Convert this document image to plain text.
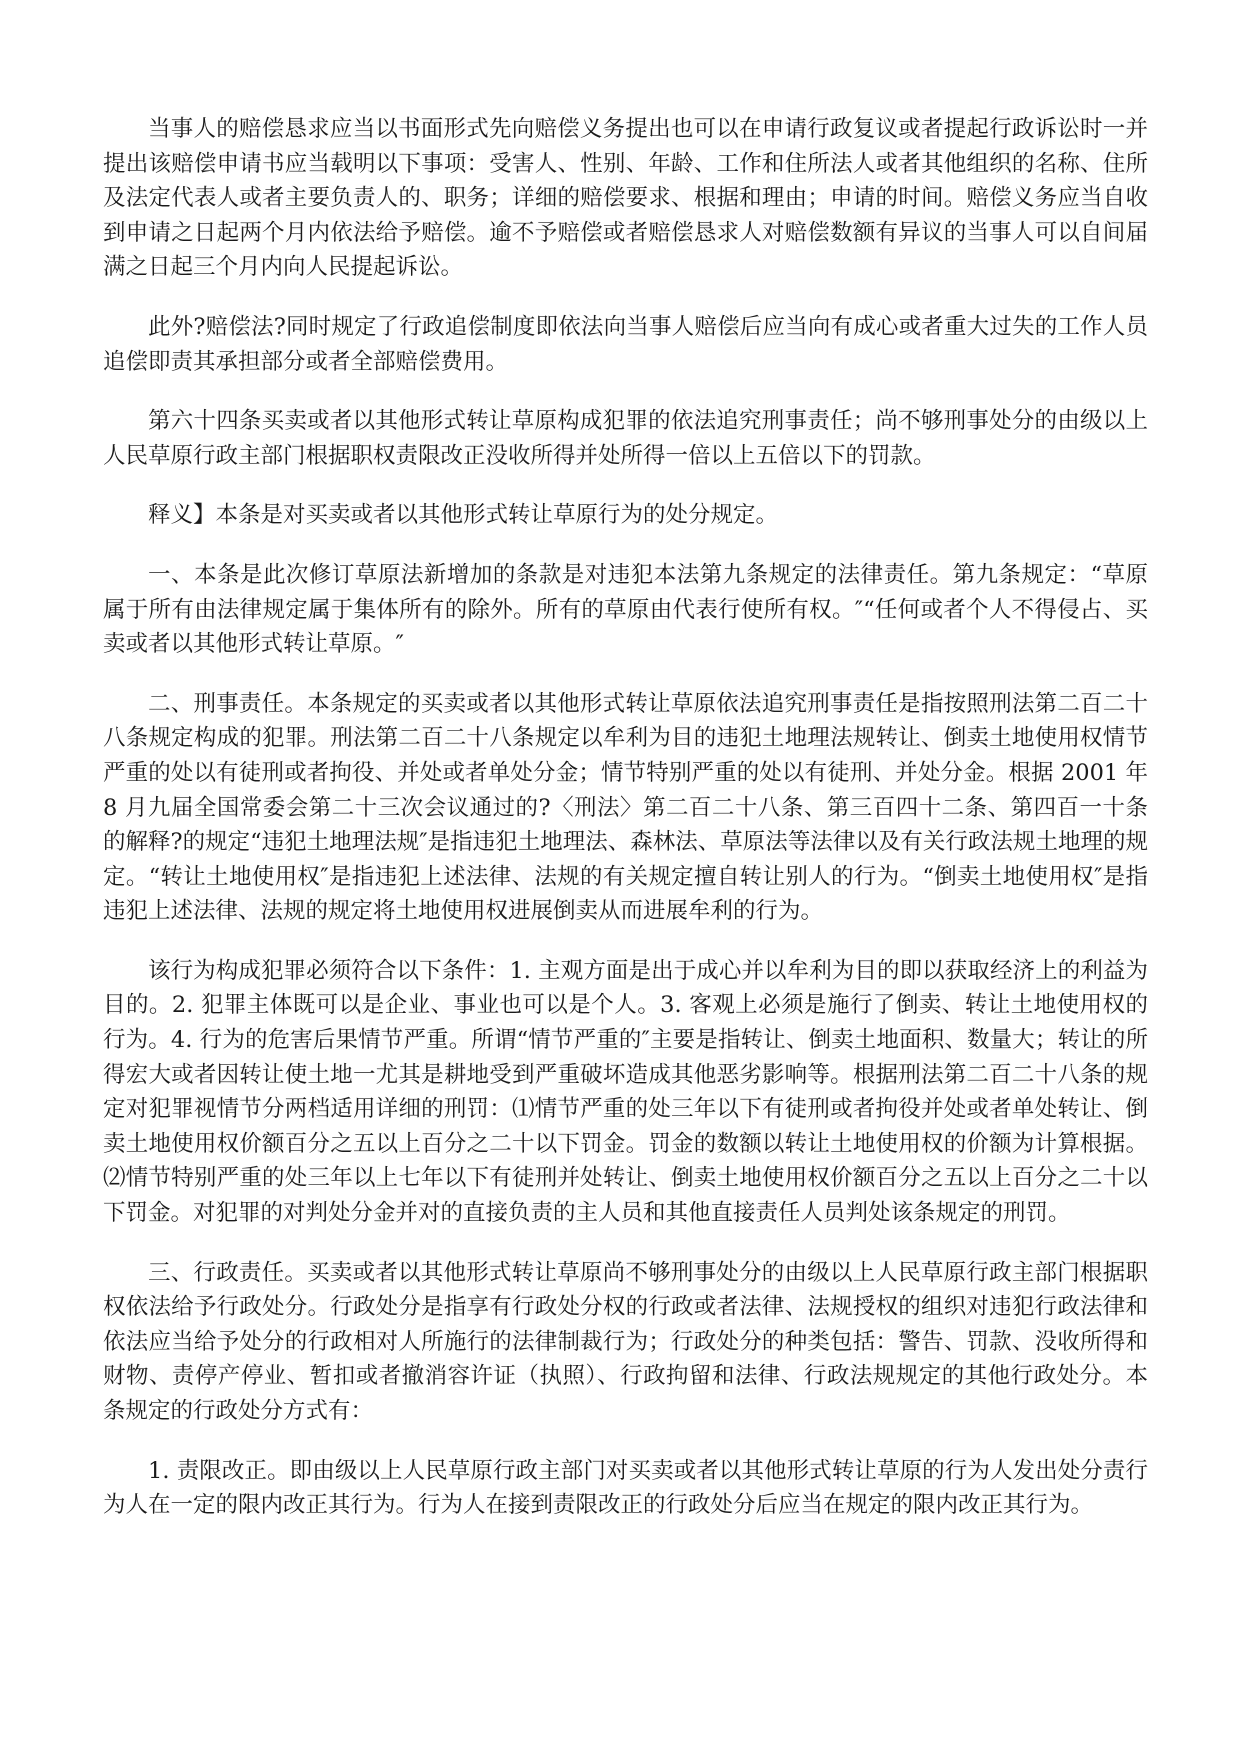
当事人的赔偿恳求应当以书面形式先向赔偿义务提出也可以在申请行政复议或者提起行政诉讼时一并提出该赔偿申请书应当载明以下事项：受害人、性别、年龄、工作和住所法人或者其他组织的名称、住所及法定代表人或者主要负责人的、职务；详细的赔偿要求、根据和理由；申请的时间。赔偿义务应当自收到申请之日起两个月内依法给予赔偿。逾不予赔偿或者赔偿恳求人对赔偿数额有异议的当事人可以自间届满之日起三个月内向人民提起诉讼。

此外?赔偿法?同时规定了行政追偿制度即依法向当事人赔偿后应当向有成心或者重大过失的工作人员追偿即责其承担部分或者全部赔偿费用。

第六十四条买卖或者以其他形式转让草原构成犯罪的依法追究刑事责任；尚不够刑事处分的由级以上人民草原行政主部门根据职权责限改正没收所得并处所得一倍以上五倍以下的罚款。

释义】本条是对买卖或者以其他形式转让草原行为的处分规定。

一、本条是此次修订草原法新增加的条款是对违犯本法第九条规定的法律责任。第九条规定：“草原属于所有由法律规定属于集体所有的除外。所有的草原由代表行使所有权。″“任何或者个人不得侵占、买卖或者以其他形式转让草原。″

二、刑事责任。本条规定的买卖或者以其他形式转让草原依法追究刑事责任是指按照刑法第二百二十八条规定构成的犯罪。刑法第二百二十八条规定以牟利为目的违犯土地理法规转让、倒卖土地使用权情节严重的处以有徒刑或者拘役、并处或者单处分金；情节特别严重的处以有徒刑、并处分金。根据 2001 年 8 月九届全国常委会第二十三次会议通过的?〈刑法〉第二百二十八条、第三百四十二条、第四百一十条的解释?的规定“违犯土地理法规″是指违犯土地理法、森林法、草原法等法律以及有关行政法规土地理的规定。“转让土地使用权″是指违犯上述法律、法规的有关规定擅自转让别人的行为。“倒卖土地使用权″是指违犯上述法律、法规的规定将土地使用权进展倒卖从而进展牟利的行为。

该行为构成犯罪必须符合以下条件：1. 主观方面是出于成心并以牟利为目的即以获取经济上的利益为目的。2. 犯罪主体既可以是企业、事业也可以是个人。3. 客观上必须是施行了倒卖、转让土地使用权的行为。4. 行为的危害后果情节严重。所谓“情节严重的″主要是指转让、倒卖土地面积、数量大；转让的所得宏大或者因转让使土地一尤其是耕地受到严重破坏造成其他恶劣影响等。根据刑法第二百二十八条的规定对犯罪视情节分两档适用详细的刑罚：⑴情节严重的处三年以下有徒刑或者拘役并处或者单处转让、倒卖土地使用权价额百分之五以上百分之二十以下罚金。罚金的数额以转让土地使用权的价额为计算根据。⑵情节特别严重的处三年以上七年以下有徒刑并处转让、倒卖土地使用权价额百分之五以上百分之二十以下罚金。对犯罪的对判处分金并对的直接负责的主人员和其他直接责任人员判处该条规定的刑罚。

三、行政责任。买卖或者以其他形式转让草原尚不够刑事处分的由级以上人民草原行政主部门根据职权依法给予行政处分。行政处分是指享有行政处分权的行政或者法律、法规授权的组织对违犯行政法律和依法应当给予处分的行政相对人所施行的法律制裁行为；行政处分的种类包括：警告、罚款、没收所得和财物、责停产停业、暂扣或者撤消容许证（执照）、行政拘留和法律、行政法规规定的其他行政处分。本条规定的行政处分方式有：

1. 责限改正。即由级以上人民草原行政主部门对买卖或者以其他形式转让草原的行为人发出处分责行为人在一定的限内改正其行为。行为人在接到责限改正的行政处分后应当在规定的限内改正其行为。
